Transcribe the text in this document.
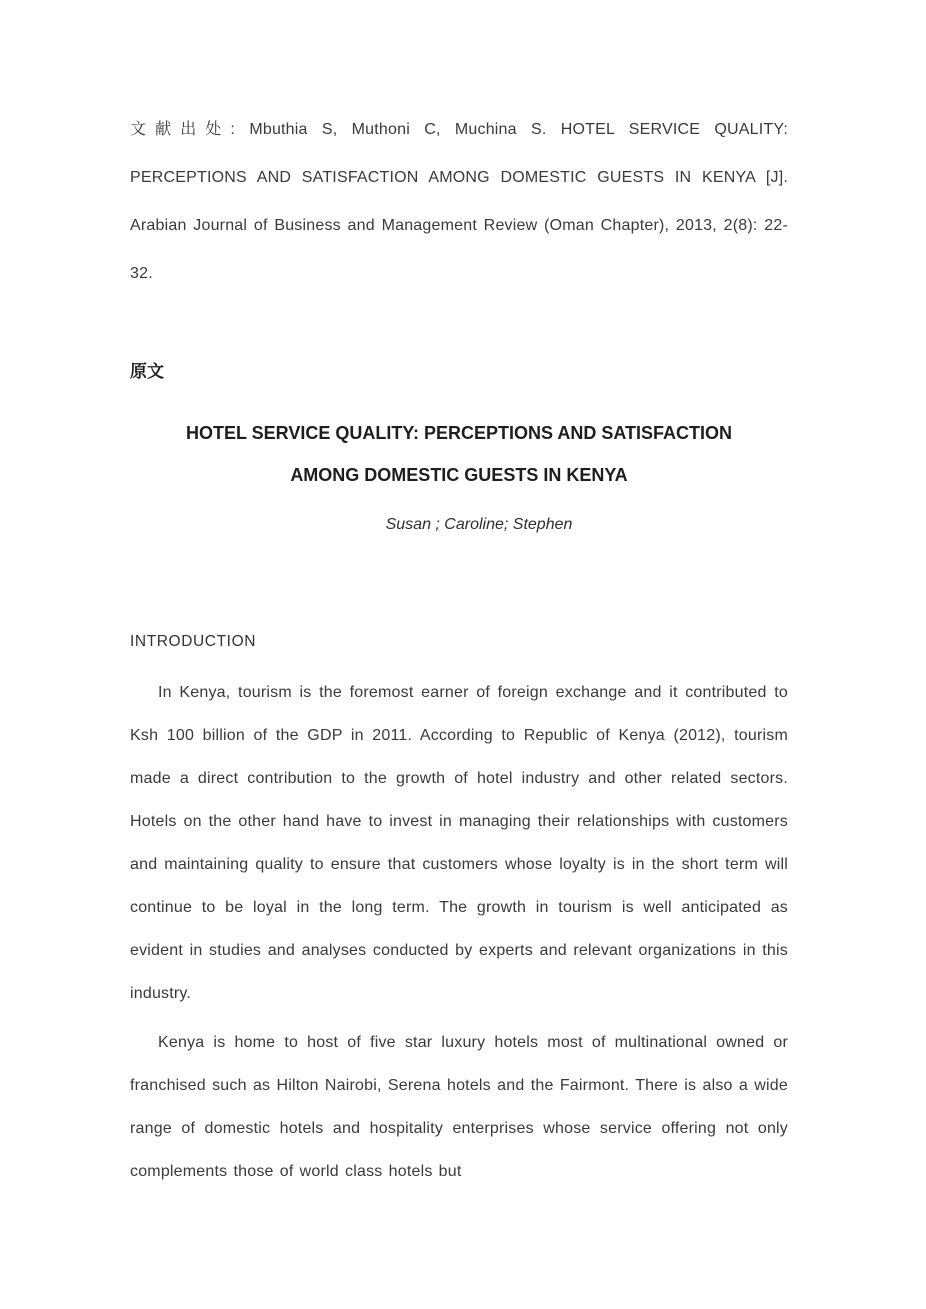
文献出处: Mbuthia S, Muthoni C, Muchina S. HOTEL SERVICE QUALITY: PERCEPTIONS AND SATISFACTION AMONG DOMESTIC GUESTS IN KENYA [J]. Arabian Journal of Business and Management Review (Oman Chapter), 2013, 2(8): 22-32.

原文
HOTEL SERVICE QUALITY: PERCEPTIONS AND SATISFACTION
AMONG DOMESTIC GUESTS IN KENYA

Susan ; Caroline; Stephen

INTRODUCTION

In Kenya, tourism is the foremost earner of foreign exchange and it contributed to Ksh 100 billion of the GDP in 2011. According to Republic of Kenya (2012), tourism made a direct contribution to the growth of hotel industry and other related sectors. Hotels on the other hand have to invest in managing their relationships with customers and maintaining quality to ensure that customers whose loyalty is in the short term will continue to be loyal in the long term. The growth in tourism is well anticipated as evident in studies and analyses conducted by experts and relevant organizations in this industry.

Kenya is home to host of five star luxury hotels most of multinational owned or franchised such as Hilton Nairobi, Serena hotels and the Fairmont. There is also a wide range of domestic hotels and hospitality enterprises whose service offering not only complements those of world class hotels but
